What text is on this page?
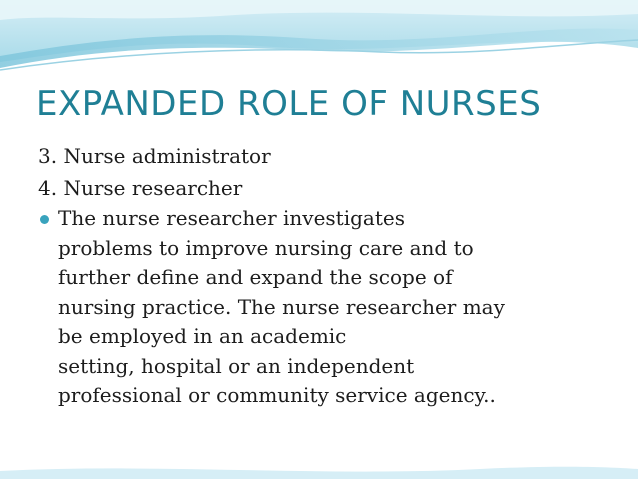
EXPANDED ROLE OF NURSES

3. Nurse administrator

4. Nurse researcher

The nurse researcher investigates
problems to improve nursing care and to
further define and expand the scope of
nursing practice. The nurse researcher may
be employed in an academic
setting, hospital or an independent
professional or community service agency..
